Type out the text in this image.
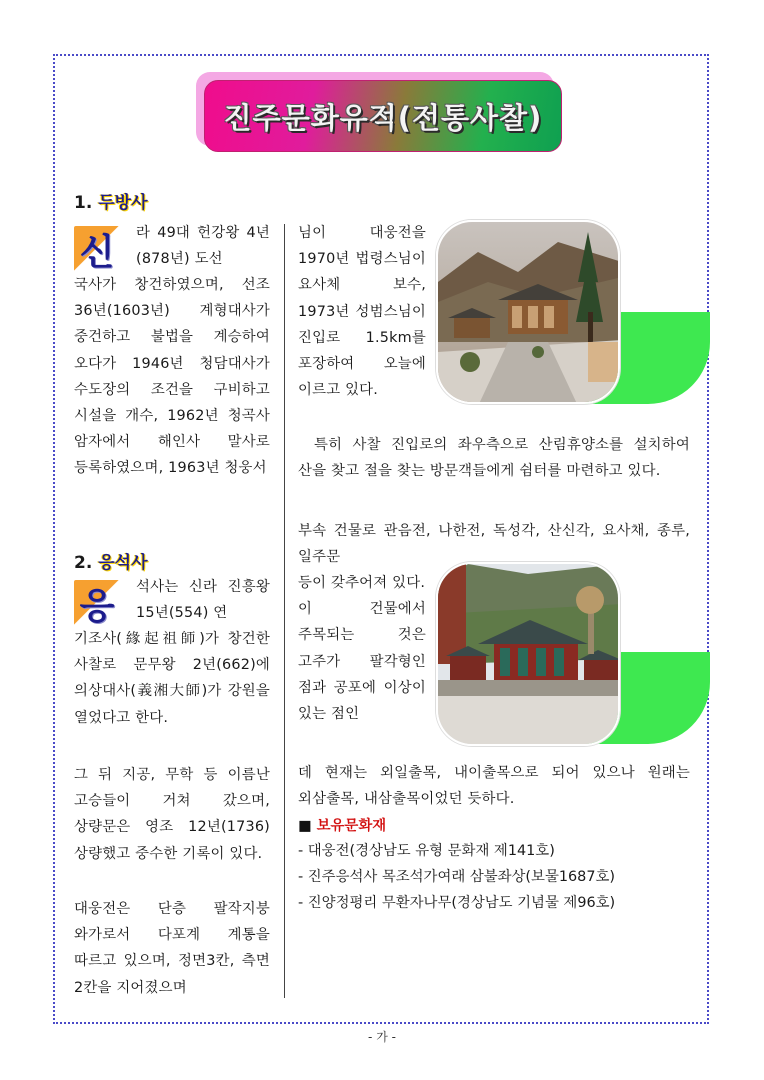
진주문화유적(전통사찰)
1. 두방사
신 라 49대 헌강왕 4년(878년) 도선
국사가 창건하였으며, 선조 36년(1603년) 계형대사가 중건하고 불법을 계승하여 오다가 1946년 청담대사가 수도장의 조건을 구비하고 시설을 개수, 1962년 청곡사 암자에서 해인사 말사로 등록하였으며, 1963년 청웅서
님이 대웅전을 1970년 법령스님이 요사체 보수, 1973년 성범스님이 진입로 1.5km를 포장하여 오늘에 이르고 있다.
특히 사찰 진입로의 좌우측으로 산림휴양소를 설치하여 산을 찾고 절을 찾는 방문객들에게 쉼터를 마련하고 있다.
2. 응석사
응 석사는 신라 진흥왕 15년(554) 연
기조사(緣起祖師)가 창건한 사찰로 문무왕 2년(662)에 의상대사(義湘大師)가 강원을 열었다고 한다.
그 뒤 지공, 무학 등 이름난 고승들이 거쳐 갔으며, 상량문은 영조 12년(1736) 상량했고 중수한 기록이 있다.
대웅전은 단층 팔작지붕 와가로서 다포계 계통을 따르고 있으며, 정면3칸, 측면 2칸을 지어졌으며
부속 건물로 관음전, 나한전, 독성각, 산신각, 요사채, 종루, 일주문
등이 갖추어져 있다.
이 건물에서 주목되는 것은 고주가 팔각형인 점과 공포에 이상이 있는 점인
데 현재는 외일출목, 내이출목으로 되어 있으나 원래는 외삼출목, 내삼출목이었던 듯하다.
■ 보유문화재
- 대웅전(경상남도 유형 문화재 제141호)
- 진주응석사 목조석가여래 삼불좌상(보물1687호)
- 진양정평리 무환자나무(경상남도 기념물 제96호)
- 가 -
